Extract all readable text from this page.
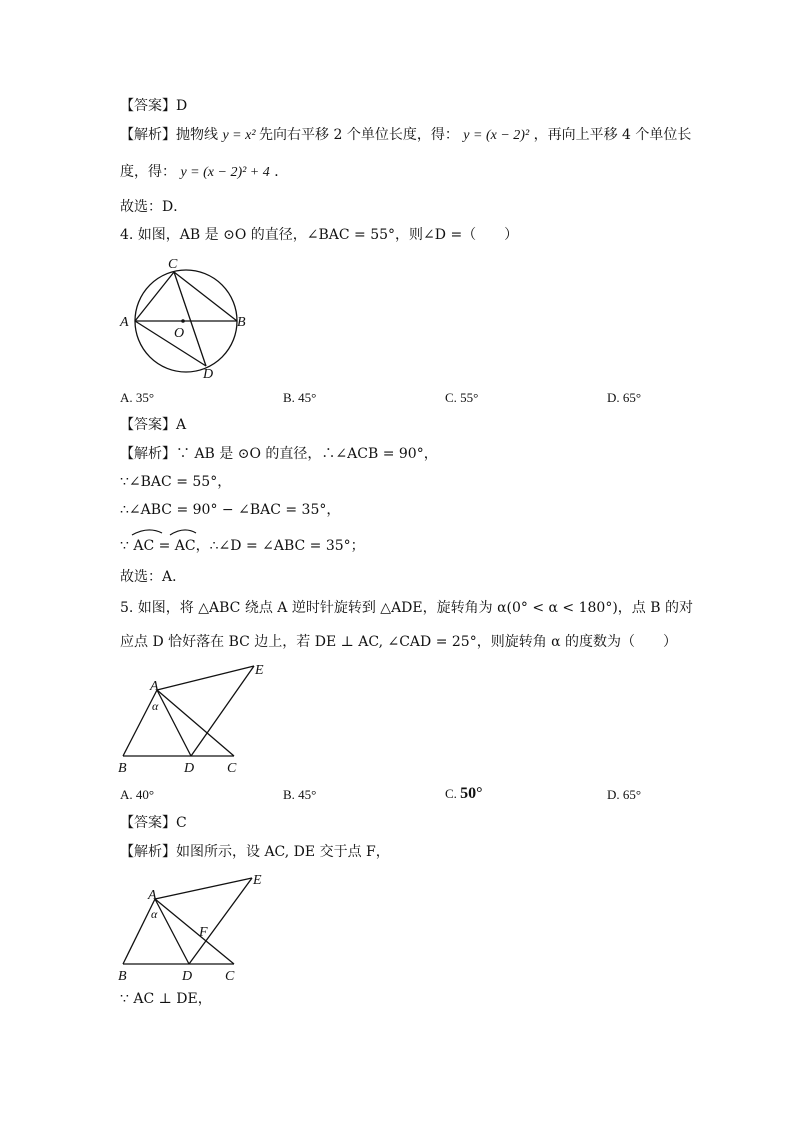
【答案】D
【解析】抛物线 y = x² 先向右平移 2 个单位长度，得： y = (x − 2)² ，再向上平移 4 个单位长
度，得： y = (x − 2)² + 4 ．
故选：D．
4. 如图，AB 是 ⊙O 的直径，∠BAC = 55°，则∠D =（　　）
C
A	B
O
D
A. 35°	B. 45°	C. 55°	D. 65°
【答案】A
【解析】∵ AB 是 ⊙O 的直径，∴∠ACB = 90°，
∵∠BAC = 55°，
∴∠ABC = 90° − ∠BAC = 35°，
∵ AC = AC，∴∠D = ∠ABC = 35°；
故选：A．
5. 如图，将 △ABC 绕点 A 逆时针旋转到 △ADE，旋转角为 α(0° < α < 180°)，点 B 的对
应点 D 恰好落在 BC 边上，若 DE ⊥ AC, ∠CAD = 25°，则旋转角 α 的度数为（　　）
A
α
E
B	D C
A. 40°	B. 45°	C. 50°	D. 65°
【答案】C
【解析】如图所示，设 AC, DE 交于点 F，
A
α
E
F
B	D C
∵ AC ⊥ DE，
